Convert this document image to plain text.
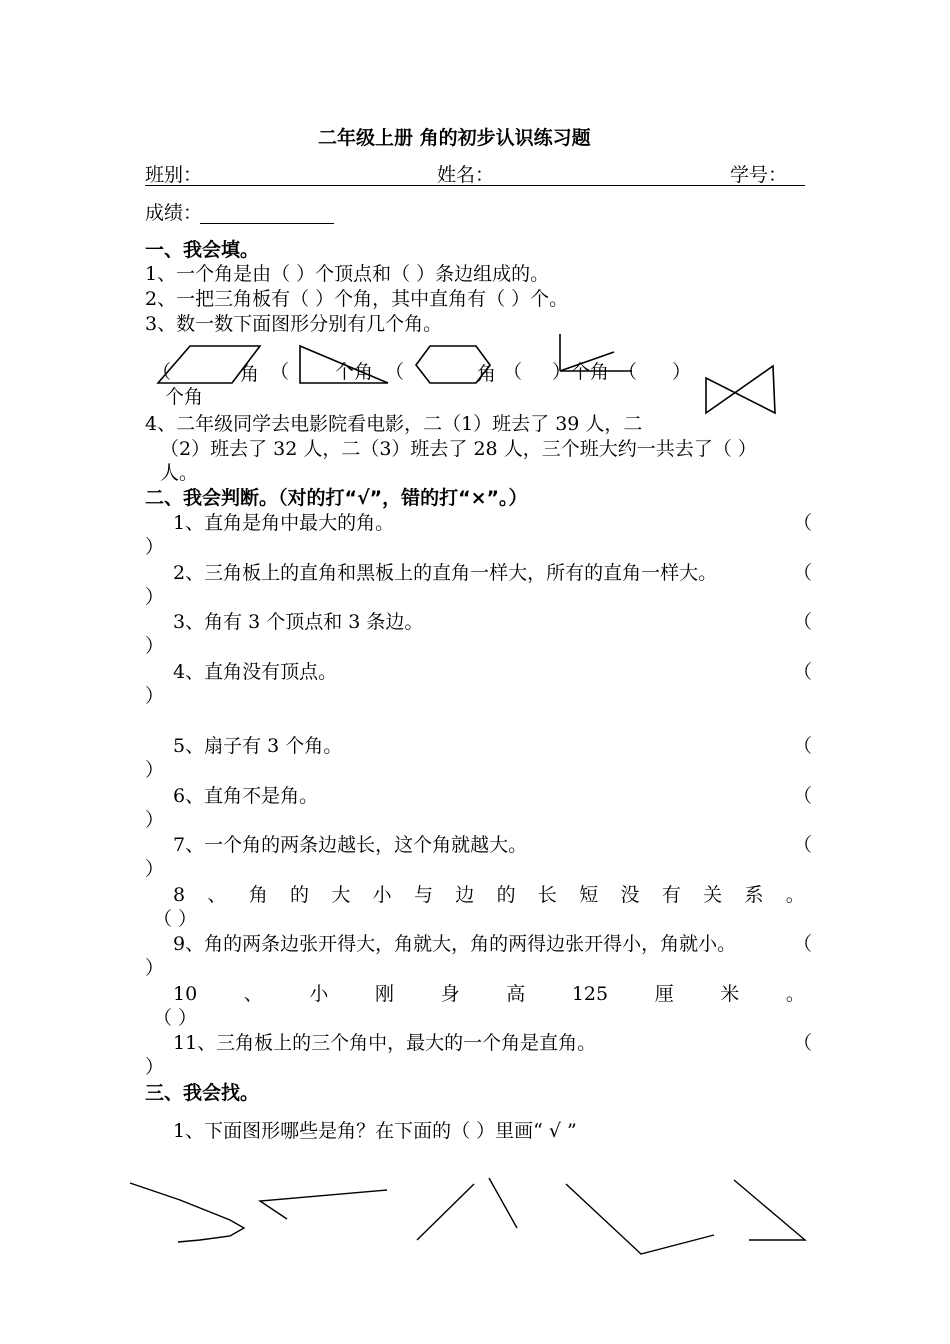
二年级上册 角的初步认识练习题
班别：	姓名：	学号：
成绩：
一、我会填。
1、一个角是由（ ）个顶点和（ ）条边组成的。
2、一把三角板有（ ）个角，其中直角有（ ）个。
3、数一数下面图形分别有几个角。
（	角 （ 个角 （	角 （ ）个角 （ ）
个角
4、二年级同学去电影院看电影，二（1）班去了 39 人，二
（2）班去了 32 人，二（3）班去了 28 人，三个班大约一共去了（ ）
人。
二、我会判断。（对的打“√”，错的打“×”。）
1、直角是角中最大的角。	（
）
2、三角板上的直角和黑板上的直角一样大，所有的直角一样大。	（
）
3、角有 3 个顶点和 3 条边。	（
）
4、直角没有顶点。	（
）
5、扇子有 3 个角。	（
）
6、直角不是角。	（
）
7、一个角的两条边越长，这个角就越大。	（
）
8 、 角 的 大 小 与 边 的 长 短 没 有 关 系 。
（ ）
9、角的两条边张开得大，角就大，角的两得边张开得小，角就小。	（
）
10 、 小 刚 身 高 125 厘 米 。
（ ）
11、三角板上的三个角中，最大的一个角是直角。	（
）
三、我会找。
1、下面图形哪些是角？在下面的（ ）里画“ √ ”
